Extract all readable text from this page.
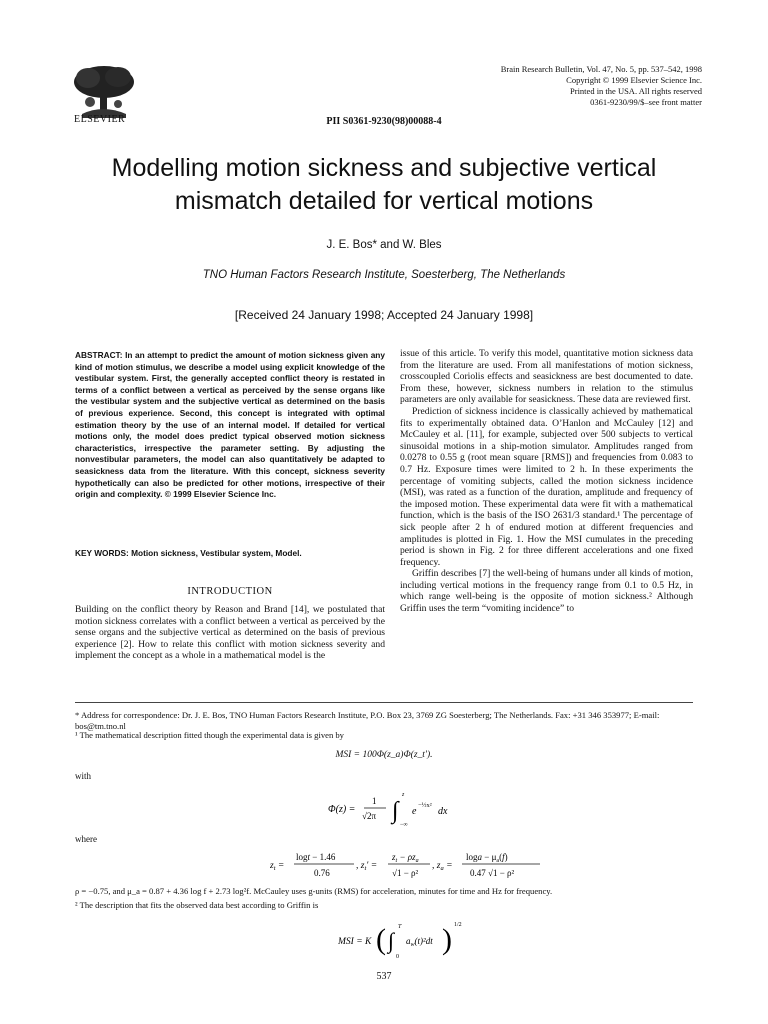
ELSEVIER
Brain Research Bulletin, Vol. 47, No. 5, pp. 537–542, 1998
Copyright © 1999 Elsevier Science Inc.
Printed in the USA. All rights reserved
0361-9230/99/$–see front matter
PII S0361-9230(98)00088-4
Modelling motion sickness and subjective vertical
mismatch detailed for vertical motions
J. E. Bos* and W. Bles
TNO Human Factors Research Institute, Soesterberg, The Netherlands
[Received 24 January 1998; Accepted 24 January 1998]
ABSTRACT: In an attempt to predict the amount of motion sickness given any kind of motion stimulus, we describe a model using explicit knowledge of the vestibular system. First, the generally accepted conflict theory is restated in terms of a conflict between a vertical as perceived by the sense organs like the vestibular system and the subjective vertical as determined on the basis of previous experience. Second, this concept is integrated with optimal estimation theory by the use of an internal model. If detailed for vertical motions only, the model does predict typical observed motion sickness characteristics, irrespective the parameter setting. By adjusting the nonvestibular parameters, the model can also quantitatively be adapted to seasickness data from the literature. With this concept, sickness severity hypothetically can also be predicted for other motions, irrespective of their origin and complexity. © 1999 Elsevier Science Inc.
KEY WORDS: Motion sickness, Vestibular system, Model.
INTRODUCTION

Building on the conflict theory by Reason and Brand [14], we postulated that motion sickness correlates with a conflict between a vertical as perceived by the sense organs and the subjective vertical as determined on the basis of previous experience [2]. How to relate this conflict with motion sickness severity and implement the concept as a whole in a mathematical model is the

issue of this article. To verify this model, quantitative motion sickness data from the literature are used. From all manifestations of motion sickness, crosscoupled Coriolis effects and seasickness are best documented to date. From these, however, sickness numbers in relation to the stimulus parameters are only available for seasickness. These data are reviewed first.

Prediction of sickness incidence is classically achieved by mathematical fits to experimentally obtained data. O’Hanlon and McCauley [12] and McCauley et al. [11], for example, subjected over 500 subjects to vertical sinusoidal motions in a ship-motion simulator. Amplitudes ranged from 0.0278 to 0.55 g (root mean square [RMS]) and frequencies from 0.083 to 0.7 Hz. Exposure times were limited to 2 h. In these experiments the percentage of vomiting subjects, called the motion sickness incidence (MSI), was rated as a function of the duration, amplitude and frequency of the imposed motion. These experimental data were fit with a mathematical function, which is the basis of the ISO 2631/3 standard.¹ The percentage of sick people after 2 h of endured motion at different frequencies and amplitudes is plotted in Fig. 1. How the MSI cumulates in the preceding period is shown in Fig. 2 for three different accelerations and one fixed frequency.

Griffin describes [7] the well-being of humans under all kinds of motion, including vertical motions in the frequency range from 0.1 to 0.5 Hz, in which range well-being is the opposite of motion sickness.² Although Griffin uses the term “vomiting incidence” to

* Address for correspondence: Dr. J. E. Bos, TNO Human Factors Research Institute, P.O. Box 23, 3769 ZG Soesterberg; The Netherlands. Fax: +31 346 353977; E-mail: bos@tm.tno.nl
¹ The mathematical description fitted though the experimental data is given by
MSI = 100Φ(z_a)Φ(z_t′).
with
Φ(z) =
1
√2π ∫
z
−∞
e
−½x²
dx
where
$z_t$ =
logt − 1.46
0.76
, $z_t'$ =
$z_t - \rho z_a$
√1 − ρ²
, $z_a$ =
$\log a - \mu_a(f)$
0.47 √1 − ρ²
ρ = −0.75, and μ_a = 0.87 + 4.36 log f + 2.73 log²f. McCauley uses g-units (RMS) for acceleration, minutes for time and Hz for frequency.
² The description that fits the observed data best according to Griffin is
MSI = K ( ∫
T
0
$a_w(t)^2dt$ ) 1/2
537
